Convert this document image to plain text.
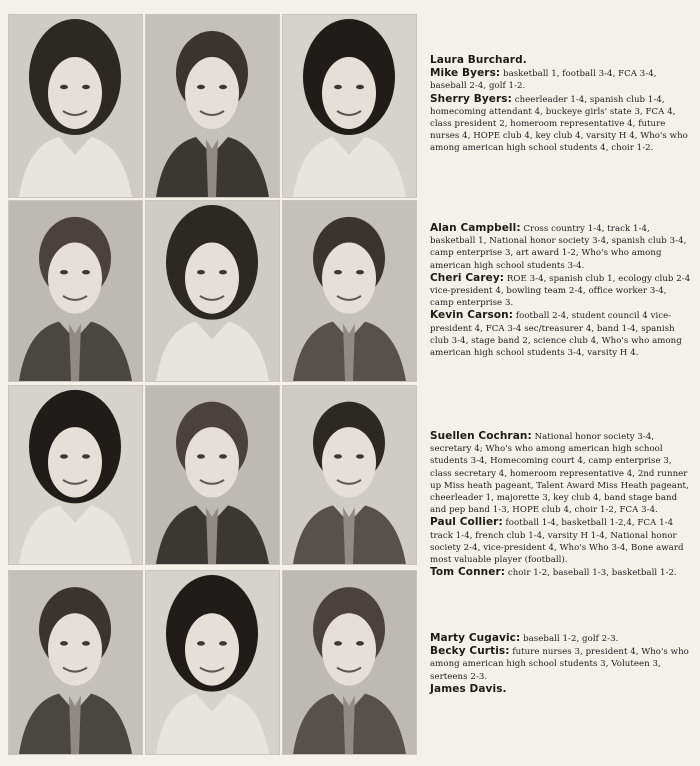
Laura Burchard.

Mike Byers: basketball 1, football 3-4, FCA 3-4, baseball 2-4, golf 1-2.

Sherry Byers: cheerleader 1-4, spanish club 1-4, homecoming attendant 4, buckeye girls' state 3, FCA 4, class president 2, homeroom representative 4, future nurses 4, HOPE club 4, key club 4, varsity H 4, Who's who among american high school students 4, choir 1-2.

Alan Campbell: Cross country 1-4, track 1-4, basketball 1, National honor society 3-4, spanish club 3-4, camp enterprise 3, art award 1-2, Who's who among american high school students 3-4.

Cheri Carey: ROE 3-4, spanish club 1, ecology club 2-4 vice-president 4, bowling team 2-4, office worker 3-4, camp enterprise 3.

Kevin Carson: football 2-4, student council 4 vice-president 4, FCA 3-4 sec/treasurer 4, band 1-4, spanish club 3-4, stage band 2, science club 4, Who's who among american high school students 3-4, varsity H 4.

Suellen Cochran: National honor society 3-4, secretary 4; Who's who among american high school students 3-4, Homecoming court 4, camp enterprise 3, class secretary 4, homeroom representative 4, 2nd runner up Miss heath pageant, Talent Award Miss Heath pageant, cheerleader 1, majorette 3, key club 4, band stage band and pep band 1-3, HOPE club 4, choir 1-2, FCA 3-4.

Paul Collier: football 1-4, basketball 1-2,4, FCA 1-4 track 1-4, french club 1-4, varsity H 1-4, National honor society 2-4, vice-president 4, Who's Who 3-4, Bone award most valuable player (football).

Tom Conner: choir 1-2, baseball 1-3, basketball 1-2.

Marty Cugavic: baseball 1-2, golf 2-3.

Becky Curtis: future nurses 3, president 4, Who's who among american high school students 3, Voluteen 3, serteens 2-3.

James Davis.
